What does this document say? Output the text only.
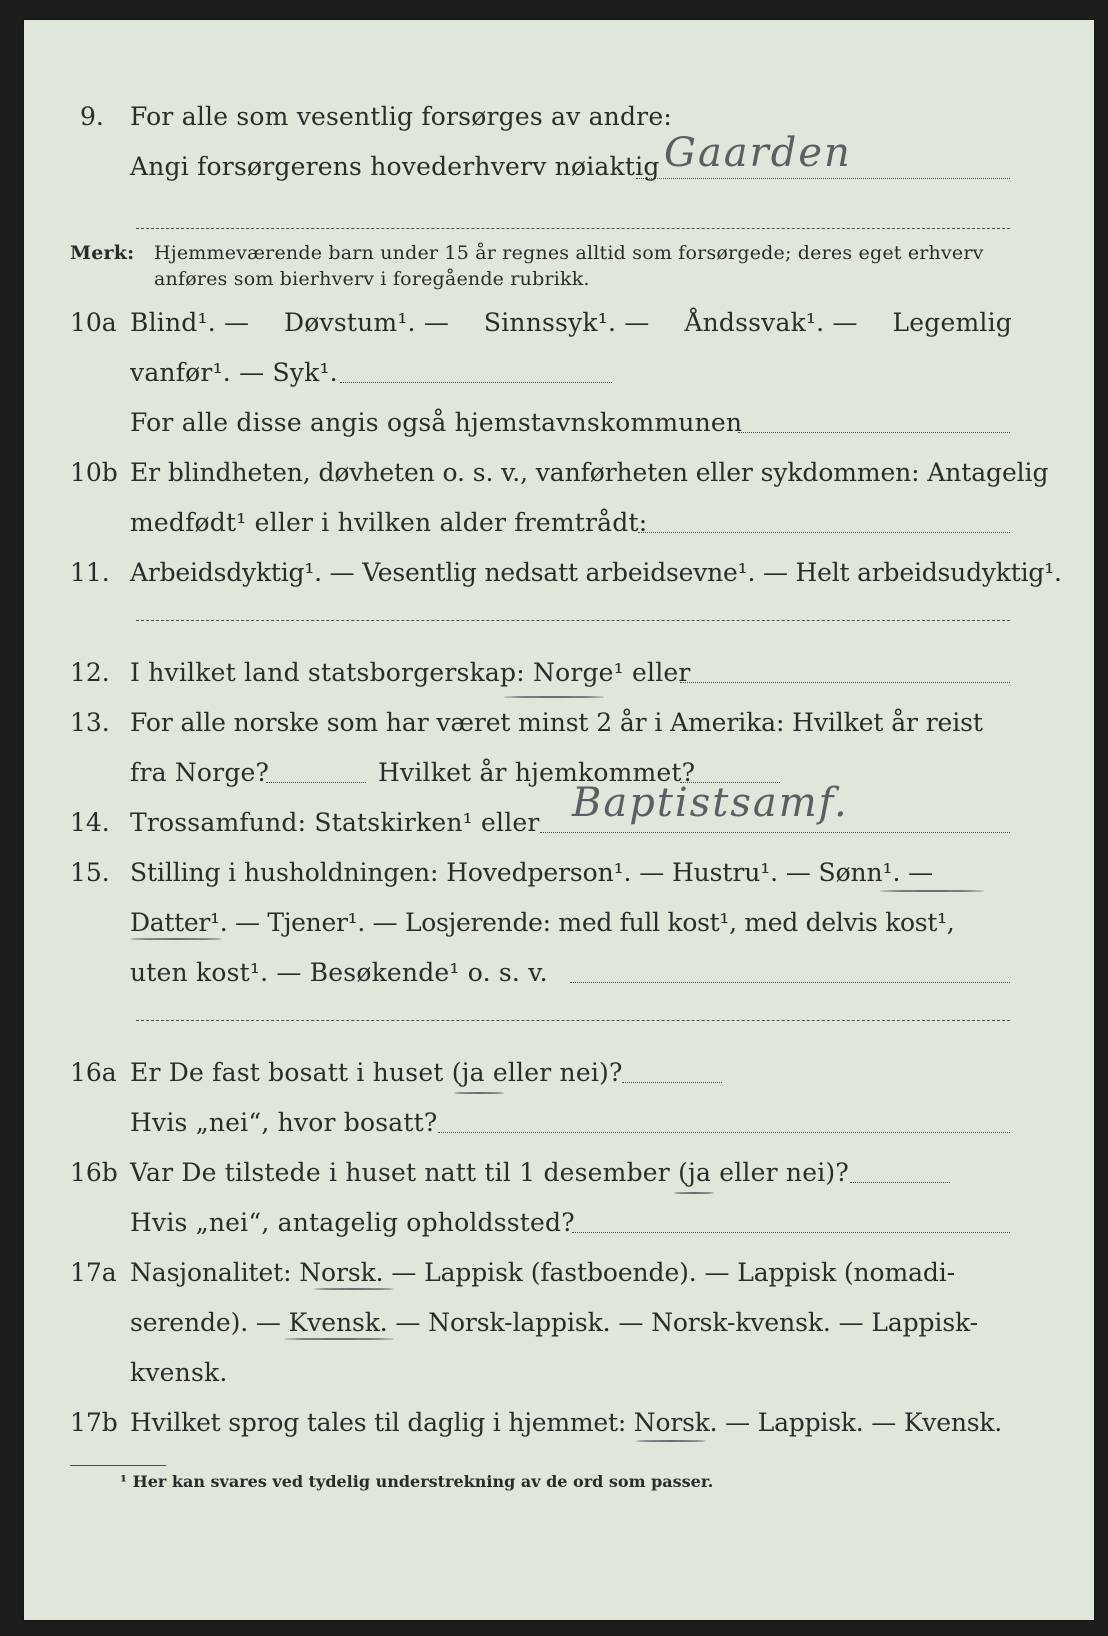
9. For alle som vesentlig forsørges av andre:
Angi forsørgerens hovederhverv nøiaktig Gaarden
Merk: Hjemmeværende barn under 15 år regnes alltid som forsørgede; deres eget erhverv
anføres som bierhverv i foregående rubrikk.
10a Blind¹. — Døvstum¹. — Sinnssyk¹. — Åndssvak¹. — Legemlig
vanfør¹. — Syk¹.
For alle disse angis også hjemstavnskommunen
10b Er blindheten, døvheten o. s. v., vanførheten eller sykdommen: Antagelig
medfødt¹ eller i hvilken alder fremtrådt:
11. Arbeidsdyktig¹. — Vesentlig nedsatt arbeidsevne¹. — Helt arbeidsudyktig¹.
12. I hvilket land statsborgerskap: Norge¹ eller
13. For alle norske som har været minst 2 år i Amerika: Hvilket år reist
fra Norge?	Hvilket år hjemkommet?
14. Trossamfund: Statskirken¹ eller Baptistsamf.
15. Stilling i husholdningen: Hovedperson¹. — Hustru¹. — Sønn¹. —
Datter¹. — Tjener¹. — Losjerende: med full kost¹, med delvis kost¹,
uten kost¹. — Besøkende¹ o. s. v.
16a Er De fast bosatt i huset (ja eller nei)?
Hvis „nei“, hvor bosatt?
16b Var De tilstede i huset natt til 1 desember (ja eller nei)?
Hvis „nei“, antagelig opholdssted?
17a Nasjonalitet: Norsk. — Lappisk (fastboende). — Lappisk (nomadi-
serende). — Kvensk. — Norsk-lappisk. — Norsk-kvensk. — Lappisk-
kvensk.
17b Hvilket sprog tales til daglig i hjemmet: Norsk. — Lappisk. — Kvensk.
¹ Her kan svares ved tydelig understrekning av de ord som passer.
